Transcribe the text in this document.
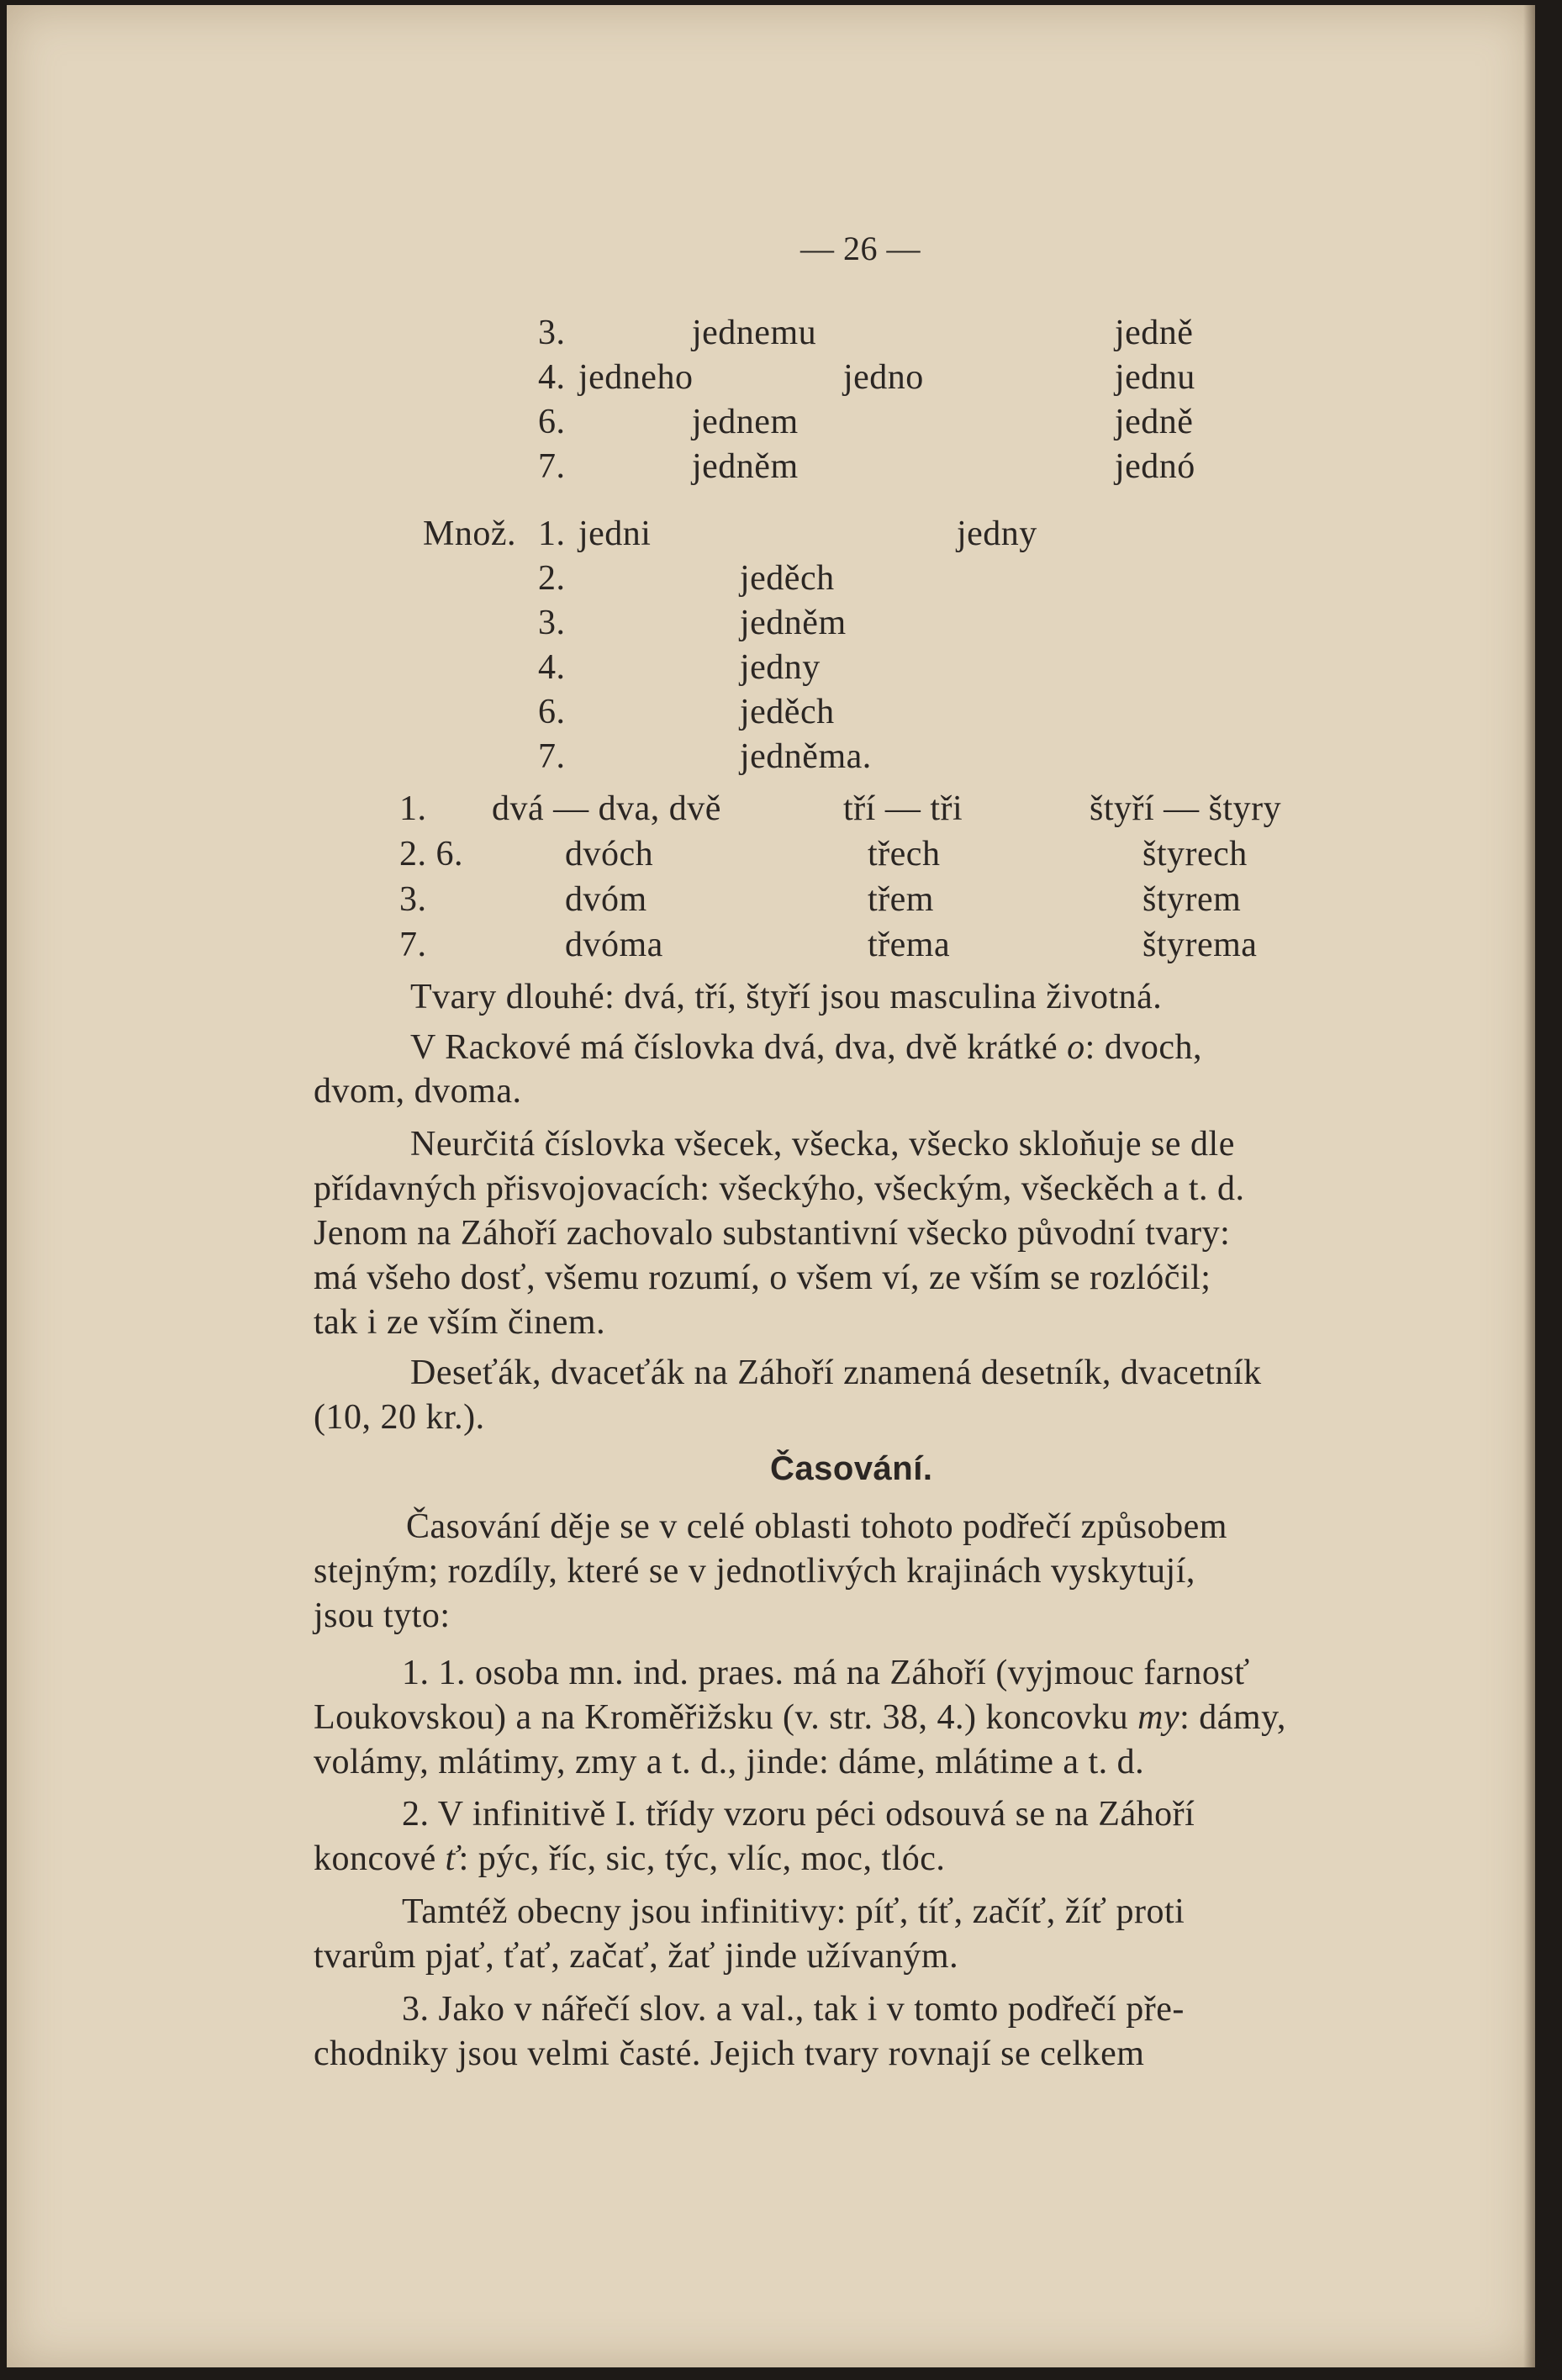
— 26 —
3.	jednemu	jedně
4. jedneho	jedno	jednu
6.	jednem	jedně
7.	jedněm	jednó
Množ. 1. jedni	jedny
2.	jeděch
3.	jedněm
4.	jedny
6.	jeděch
7.	jedněma.
1. dvá — dva, dvě	tří — tři	štyří — štyry
2. 6.	dvóch	třech	štyrech
3.	dvóm	třem	štyrem
7.	dvóma	třema	štyrema
Tvary dlouhé: dvá, tří, štyří jsou masculina životná.
V Rackové má číslovka dvá, dva, dvě krátké o: dvoch,
dvom, dvoma.
Neurčitá číslovka všecek, všecka, všecko skloňuje se dle
přídavných přisvojovacích: všeckýho, všeckým, všeckěch a t. d.
Jenom na Záhoří zachovalo substantivní všecko původní tvary:
má všeho dosť, všemu rozumí, o všem ví, ze vším se rozlóčil;
tak i ze vším činem.
Deseťák, dvaceťák na Záhoří znamená desetník, dvacetník
(10, 20 kr.).
Časování.
Časování děje se v celé oblasti tohoto podřečí způsobem
stejným; rozdíly, které se v jednotlivých krajinách vyskytují,
jsou tyto:
1. 1. osoba mn. ind. praes. má na Záhoří (vyjmouc farnosť
Loukovskou) a na Kroměřižsku (v. str. 38, 4.) koncovku my: dámy,
volámy, mlátimy, zmy a t. d., jinde: dáme, mlátime a t. d.
2. V infinitivě I. třídy vzoru péci odsouvá se na Záhoří
koncové ť: pýc, říc, sic, týc, vlíc, moc, tlóc.
Tamtéž obecny jsou infinitivy: píť, tíť, začíť, žíť proti
tvarům pjať, ťať, začať, žať jinde užívaným.
3. Jako v nářečí slov. a val., tak i v tomto podřečí pře-
chodniky jsou velmi časté. Jejich tvary rovnají se celkem
